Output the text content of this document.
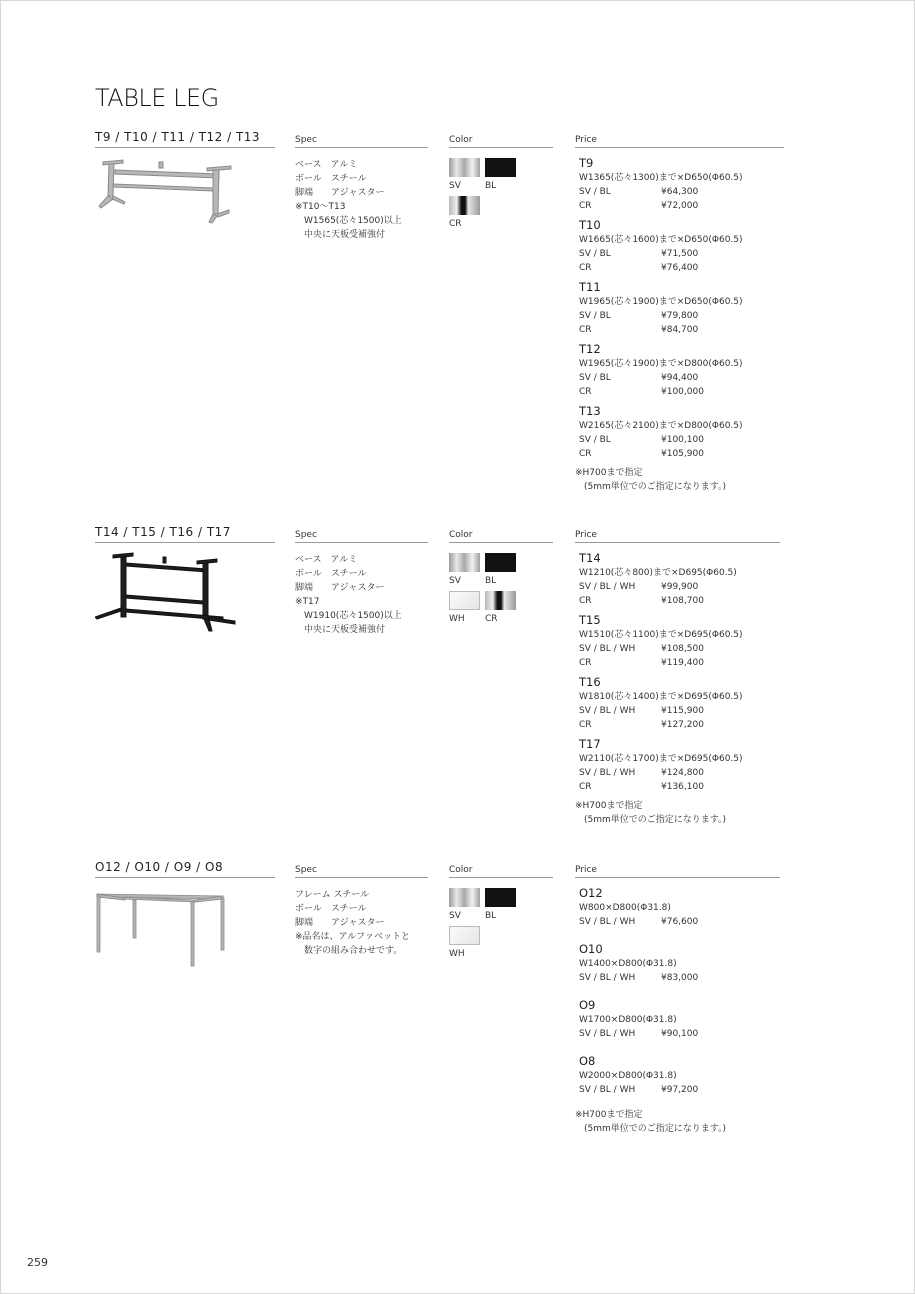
TABLE LEG
T9 / T10 / T11 / T12 / T13	Spec	Color	Price
ベース　アルミ
ボール　スチール
脚端　　アジャスター
※T10〜T13
　W1565(芯々1500)以上
　中央に天板受補強付
SV	BL
CR
T9
W1365(芯々1300)まで×D650(Φ60.5)
SV / BL	¥64,300
CR	¥72,000
T10
W1665(芯々1600)まで×D650(Φ60.5)
SV / BL	¥71,500
CR	¥76,400
T11
W1965(芯々1900)まで×D650(Φ60.5)
SV / BL	¥79,800
CR	¥84,700
T12
W1965(芯々1900)まで×D800(Φ60.5)
SV / BL	¥94,400
CR	¥100,000
T13
W2165(芯々2100)まで×D800(Φ60.5)
SV / BL	¥100,100
CR	¥105,900
※H700まで指定
　(5mm単位でのご指定になります。)
T14 / T15 / T16 / T17	Spec	Color	Price
ベース　アルミ
ボール　スチール
脚端　　アジャスター
※T17
　W1910(芯々1500)以上
　中央に天板受補強付
SV	BL
WH CR
T14
W1210(芯々800)まで×D695(Φ60.5)
SV / BL / WH	¥99,900
CR	¥108,700
T15
W1510(芯々1100)まで×D695(Φ60.5)
SV / BL / WH	¥108,500
CR	¥119,400
T16
W1810(芯々1400)まで×D695(Φ60.5)
SV / BL / WH	¥115,900
CR	¥127,200
T17
W2110(芯々1700)まで×D695(Φ60.5)
SV / BL / WH	¥124,800
CR	¥136,100
※H700まで指定
　(5mm単位でのご指定になります。)
O12 / O10 / O9 / O8	Spec	Color	Price
フレーム スチール
ボール　スチール
脚端　　アジャスター
※品名は、アルファベットと
　数字の組み合わせです。
SV	BL
WH
O12
W800×D800(Φ31.8)
SV / BL / WH	¥76,600
O10
W1400×D800(Φ31.8)
SV / BL / WH	¥83,000
O9
W1700×D800(Φ31.8)
SV / BL / WH	¥90,100
O8
W2000×D800(Φ31.8)
SV / BL / WH	¥97,200
※H700まで指定
　(5mm単位でのご指定になります。)
259
